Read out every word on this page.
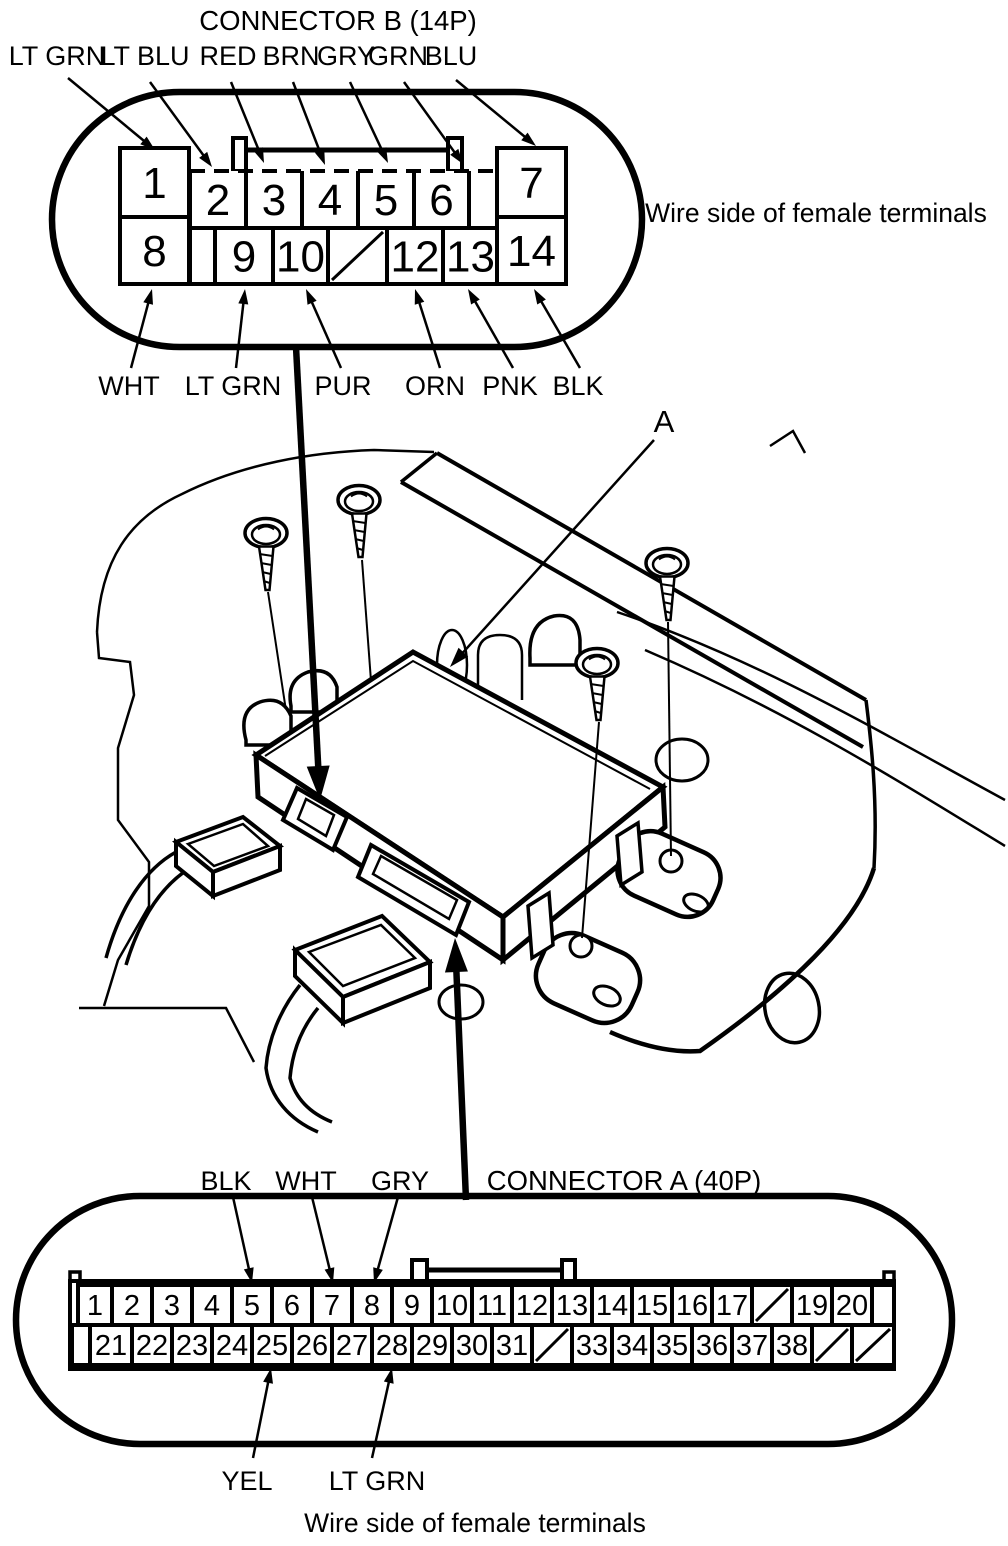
1 2 3 4 5 6 7
8 9 10 12 13 14
1 2 3 4 5 6 7 8 9 10 11 12 13 14 15 16 17 19 20
21 22 23 24 25 26 27 28 29 30 31 33 34 35 36 37 38
CONNECTOR B (14P)
LT GRN
LT BLU RED BRN
GRY
GRN
BLU
WHT LT GRN PUR ORN PNK BLK
Wire side of female terminals
A
BLK WHT GRY CONNECTOR A (40P)
YEL LT GRN
Wire side of female terminals
